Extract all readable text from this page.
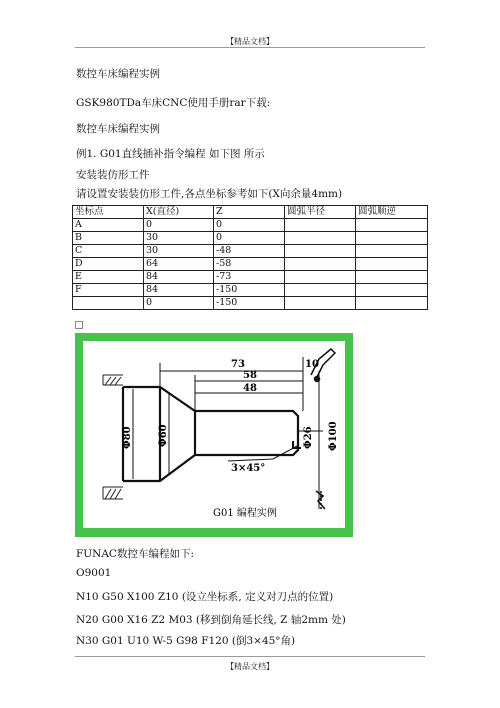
【精品文档】
数控车床编程实例
GSK980TDa车床CNC使用手册rar下载:
数控车床编程实例
例1. G01直线插补指令编程 如下图 所示
安装装仿形工件
请设置安装装仿形工件,各点坐标参考如下(X向余量4mm)
坐标点	X(直径)	Z	圆弧半径	圆弧顺逆
A	0	0		
B	30	0		
C	30	-48		
D	64	-58		
E	84	-73		
F	84	-150		
	0	-150		
73
58
48
10
Φ80	Φ60	Φ26 Φ100
3×45°
G01 编程实例
FUNAC数控车编程如下:
O9001
N10 G50 X100 Z10 (设立坐标系, 定义对刀点的位置)
N20 G00 X16 Z2 M03 (移到倒角延长线, Z 轴2mm 处)
N30 G01 U10 W-5 G98 F120 (倒3×45°角)
【精品文档】
